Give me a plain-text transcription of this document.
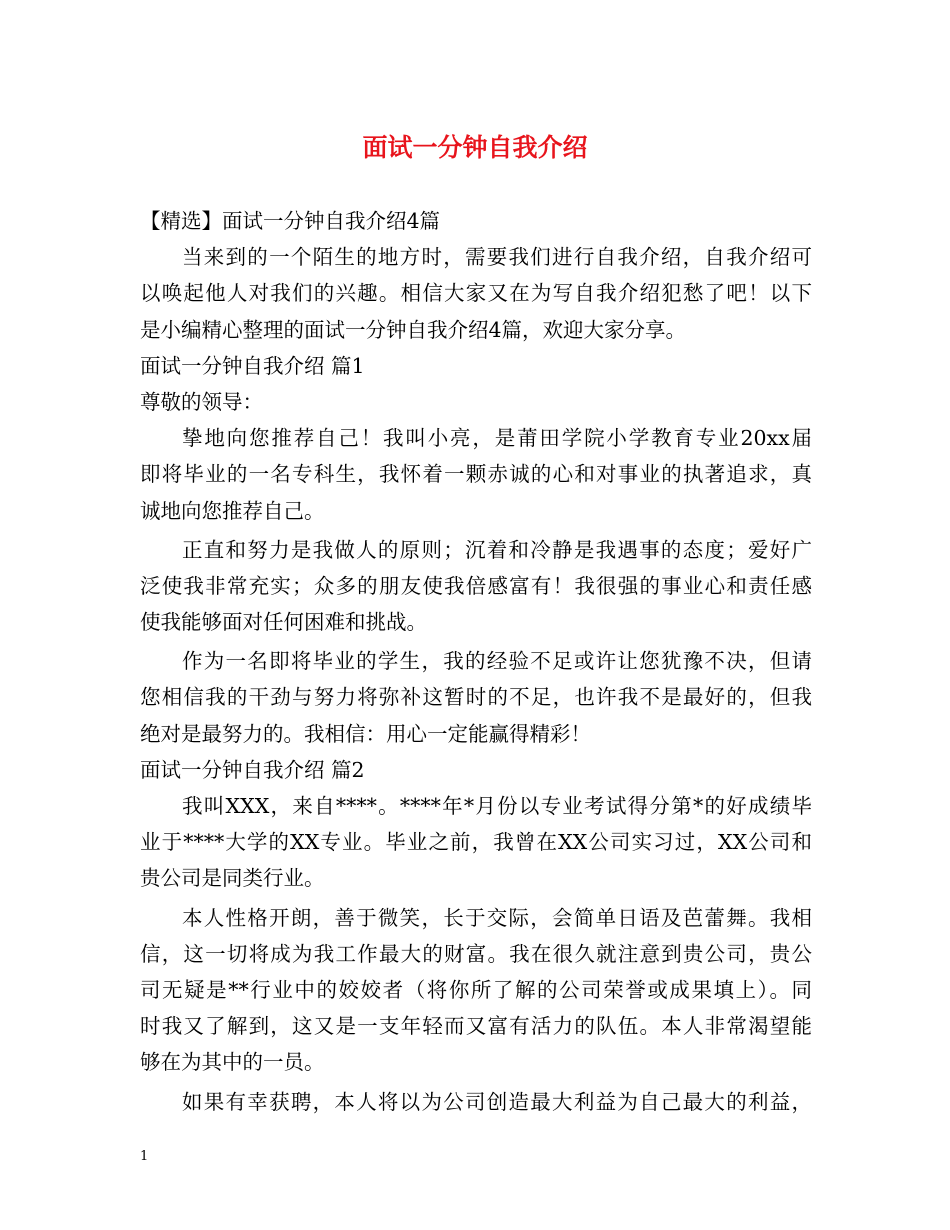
面试一分钟自我介绍
【精选】面试一分钟自我介绍4篇
当来到的一个陌生的地方时，需要我们进行自我介绍，自我介绍可
以唤起他人对我们的兴趣。相信大家又在为写自我介绍犯愁了吧！以下
是小编精心整理的面试一分钟自我介绍4篇，欢迎大家分享。
面试一分钟自我介绍 篇1
尊敬的领导：
挚地向您推荐自己！我叫小亮，是莆田学院小学教育专业20xx届
即将毕业的一名专科生，我怀着一颗赤诚的心和对事业的执著追求，真
诚地向您推荐自己。
正直和努力是我做人的原则；沉着和冷静是我遇事的态度；爱好广
泛使我非常充实；众多的朋友使我倍感富有！我很强的事业心和责任感
使我能够面对任何困难和挑战。
作为一名即将毕业的学生，我的经验不足或许让您犹豫不决，但请
您相信我的干劲与努力将弥补这暂时的不足，也许我不是最好的，但我
绝对是最努力的。我相信：用心一定能赢得精彩！
面试一分钟自我介绍 篇2
我叫XXX，来自****。****年*月份以专业考试得分第*的好成绩毕
业于****大学的XX专业。毕业之前，我曾在XX公司实习过，XX公司和
贵公司是同类行业。
本人性格开朗，善于微笑，长于交际，会简单日语及芭蕾舞。我相
信，这一切将成为我工作最大的财富。我在很久就注意到贵公司，贵公
司无疑是**行业中的姣姣者（将你所了解的公司荣誉或成果填上）。同
时我又了解到，这又是一支年轻而又富有活力的队伍。本人非常渴望能
够在为其中的一员。
如果有幸获聘，本人将以为公司创造最大利益为自己最大的利益，
1
